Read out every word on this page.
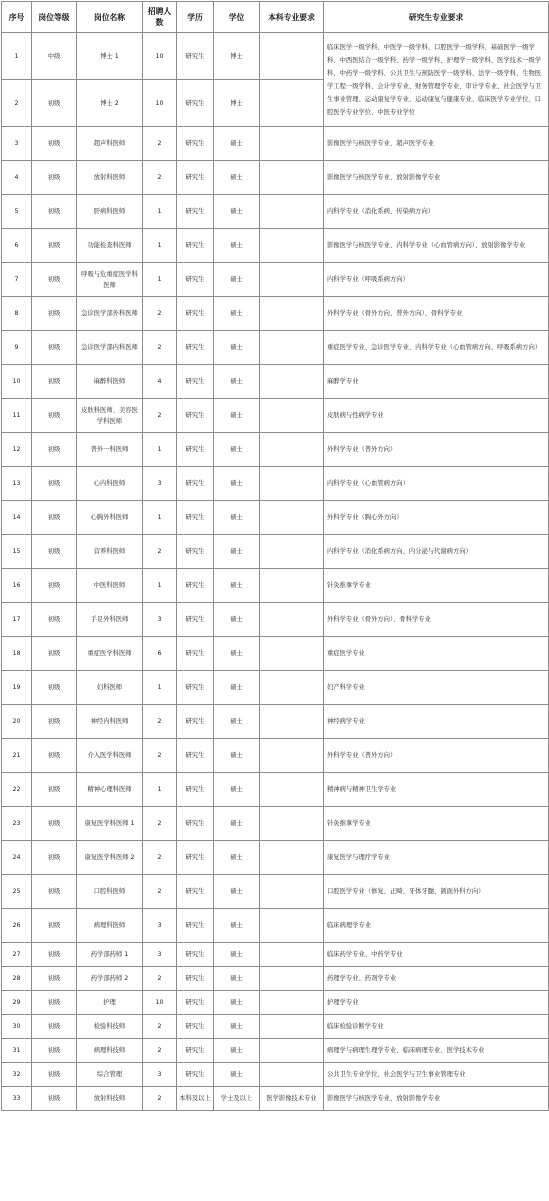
序号	岗位等级	岗位名称	招聘人数	学历	学位	本科专业要求	研究生专业要求
1	中级	博士 1	10	研究生	博士		临床医学一级学科、中医学一级学科、口腔医学一级学科、基础医学一级学科、中西医结合一级学科、药学一级学科、护理学一级学科、医学技术一级学科、中药学一级学科、公共卫生与预防医学一级学科、法学一级学科、生物医学工程一级学科、会计学专业、财务管理学专业、审计学专业、社会医学与卫生事业管理、运动康复学专业、运动康复与健康专业、临床医学专业学位、口腔医学专业学位、中医专业学位
2	初级	博士 2	10	研究生	博士		
3	初级	超声科医师	2	研究生	硕士		影像医学与核医学专业、超声医学专业
4	初级	放射科医师	2	研究生	硕士		影像医学与核医学专业、放射影像学专业
5	初级	肝病科医师	1	研究生	硕士		内科学专业（消化系病、传染病方向）
6	初级	功能检查科医师	1	研究生	硕士		影像医学与核医学专业、内科学专业（心血管病方向）、放射影像学专业
7	初级	呼吸与危重症医学科医师	1	研究生	硕士		内科学专业（呼吸系病方向）
8	初级	急诊医学部外科医师	2	研究生	硕士		外科学专业（骨外方向、普外方向）、骨科学专业
9	初级	急诊医学部内科医师	2	研究生	硕士		重症医学专业、急诊医学专业、内科学专业（心血管病方向、呼吸系病方向）
10	初级	麻醉科医师	4	研究生	硕士		麻醉学专业
11	初级	皮肤科医师、美容医学科医师	2	研究生	硕士		皮肤病与性病学专业
12	初级	普外一科医师	1	研究生	硕士		外科学专业（普外方向）
13	初级	心内科医师	3	研究生	硕士		内科学专业（心血管病方向）
14	初级	心胸外科医师	1	研究生	硕士		外科学专业（胸心外方向）
15	初级	营养科医师	2	研究生	硕士		内科学专业（消化系病方向、内分泌与代谢病方向）
16	初级	中医科医师	1	研究生	硕士		针灸推拿学专业
17	初级	手足外科医师	3	研究生	硕士		外科学专业（骨外方向）、骨科学专业
18	初级	重症医学科医师	6	研究生	硕士		重症医学专业
19	初级	妇科医师	1	研究生	硕士		妇产科学专业
20	初级	神经内科医师	2	研究生	硕士		神经病学专业
21	初级	介入医学科医师	2	研究生	硕士		外科学专业（普外方向）
22	初级	精神心理科医师	1	研究生	硕士		精神病与精神卫生学专业
23	初级	康复医学科医师 1	2	研究生	硕士		针灸推拿学专业
24	初级	康复医学科医师 2	2	研究生	硕士		康复医学与理疗学专业
25	初级	口腔科医师	2	研究生	硕士		口腔医学专业（修复、正畸、牙体牙髓、颌面外科方向）
26	初级	病理科医师	3	研究生	硕士		临床病理学专业
27	初级	药学部药师 1	3	研究生	硕士		临床药学专业、中药学专业
28	初级	药学部药师 2	2	研究生	硕士		药理学专业、药剂学专业
29	初级	护理	10	研究生	硕士		护理学专业
30	初级	检验科技师	2	研究生	硕士		临床检验诊断学专业
31	初级	病理科技师	2	研究生	硕士		病理学与病理生理学专业、临床病理专业、医学技术专业
32	初级	综合管理	3	研究生	硕士		公共卫生专业学位、社会医学与卫生事业管理专业
33	初级	放射科技师	2	本科及以上	学士及以上	医学影像技术专业	影像医学与核医学专业、放射影像学专业
